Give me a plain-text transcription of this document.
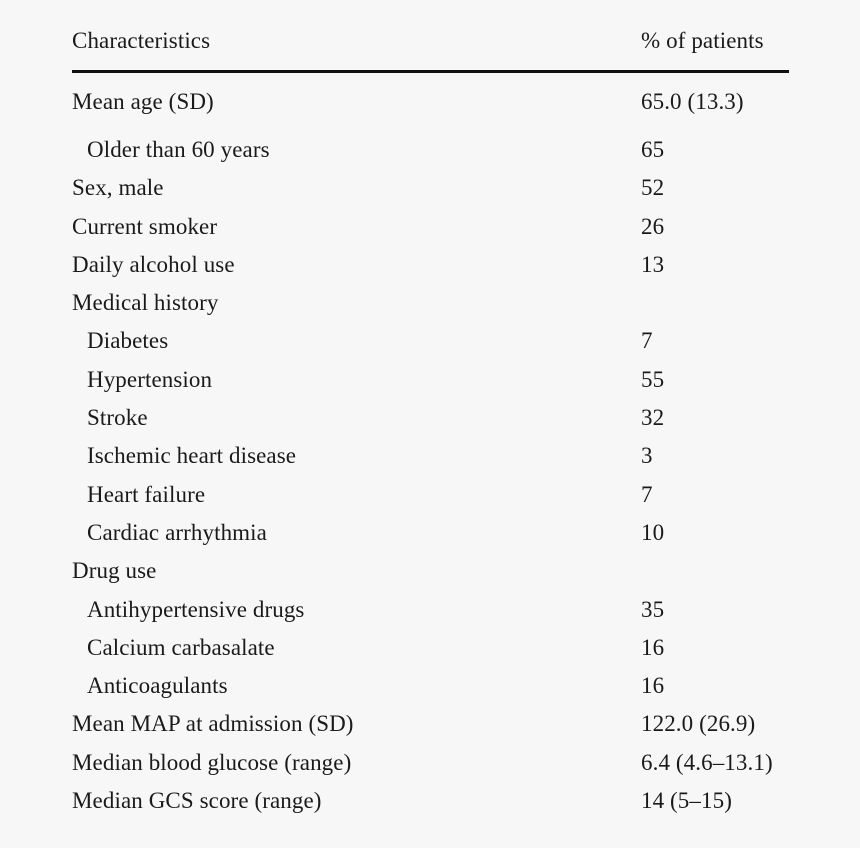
Characteristics	% of patients
Mean age (SD)	65.0 (13.3)
Older than 60 years	65
Sex, male	52
Current smoker	26
Daily alcohol use	13
Medical history	
Diabetes	7
Hypertension	55
Stroke	32
Ischemic heart disease	3
Heart failure	7
Cardiac arrhythmia	10
Drug use	
Antihypertensive drugs	35
Calcium carbasalate	16
Anticoagulants	16
Mean MAP at admission (SD)	122.0 (26.9)
Median blood glucose (range)	6.4 (4.6–13.1)
Median GCS score (range)	14 (5–15)
